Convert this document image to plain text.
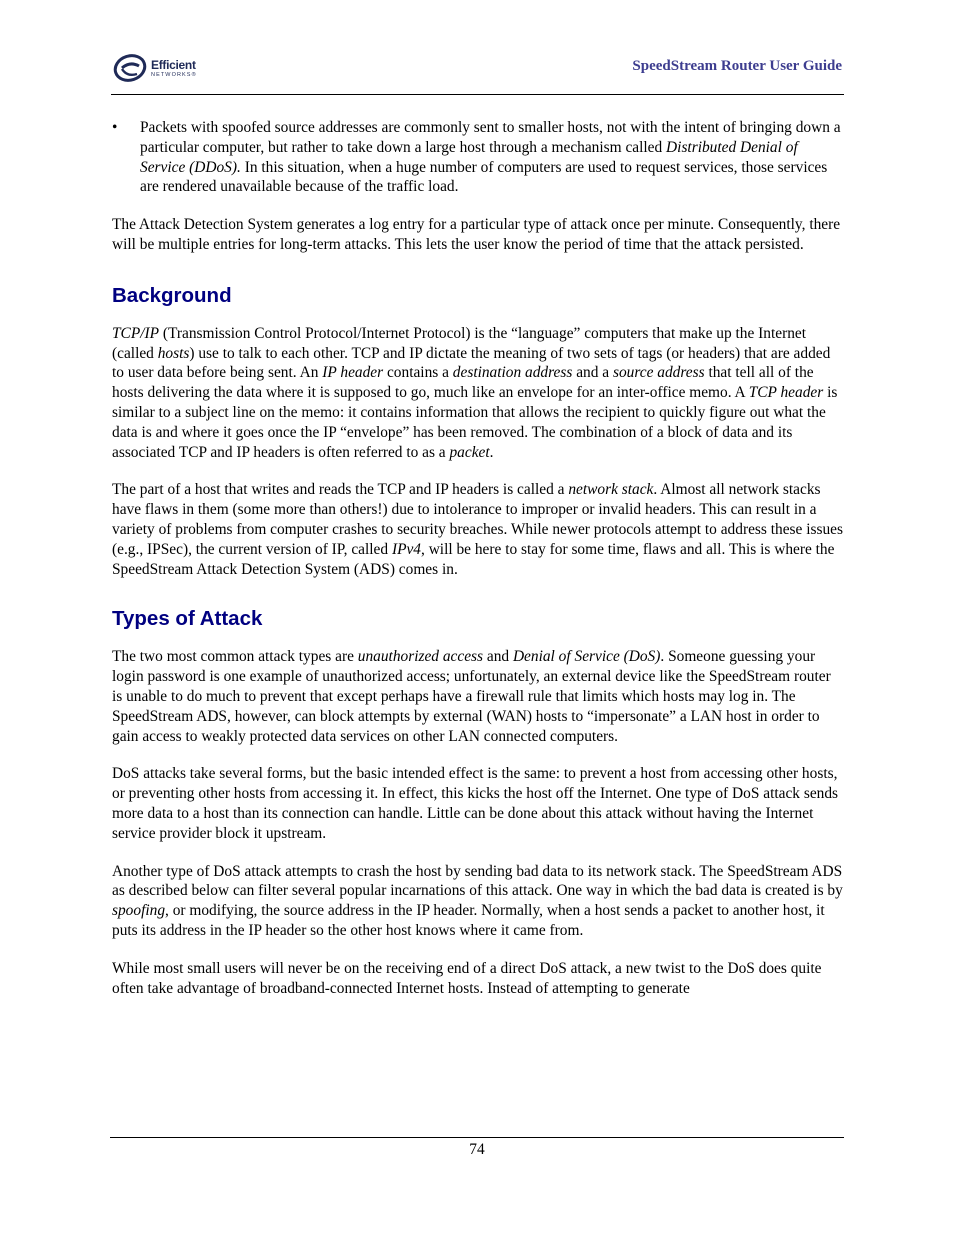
Efficient
NETWORKS®
SpeedStream Router User Guide
• Packets with spoofed source addresses are commonly sent to smaller hosts, not with the intent of bringing down a particular computer, but rather to take down a large host through a mechanism called Distributed Denial of Service (DDoS). In this situation, when a huge number of computers are used to request services, those services are rendered unavailable because of the traffic load.

The Attack Detection System generates a log entry for a particular type of attack once per minute. Consequently, there will be multiple entries for long-term attacks. This lets the user know the period of time that the attack persisted.

Background

TCP/IP (Transmission Control Protocol/Internet Protocol) is the “language” computers that make up the Internet (called hosts) use to talk to each other. TCP and IP dictate the meaning of two sets of tags (or headers) that are added to user data before being sent. An IP header contains a destination address and a source address that tell all of the hosts delivering the data where it is supposed to go, much like an envelope for an inter-office memo. A TCP header is similar to a subject line on the memo: it contains information that allows the recipient to quickly figure out what the data is and where it goes once the IP “envelope” has been removed. The combination of a block of data and its associated TCP and IP headers is often referred to as a packet.

The part of a host that writes and reads the TCP and IP headers is called a network stack. Almost all network stacks have flaws in them (some more than others!) due to intolerance to improper or invalid headers. This can result in a variety of problems from computer crashes to security breaches. While newer protocols attempt to address these issues (e.g., IPSec), the current version of IP, called IPv4, will be here to stay for some time, flaws and all. This is where the SpeedStream Attack Detection System (ADS) comes in.

Types of Attack

The two most common attack types are unauthorized access and Denial of Service (DoS). Someone guessing your login password is one example of unauthorized access; unfortunately, an external device like the SpeedStream router is unable to do much to prevent that except perhaps have a firewall rule that limits which hosts may log in. The SpeedStream ADS, however, can block attempts by external (WAN) hosts to “impersonate” a LAN host in order to gain access to weakly protected data services on other LAN connected computers.

DoS attacks take several forms, but the basic intended effect is the same: to prevent a host from accessing other hosts, or preventing other hosts from accessing it. In effect, this kicks the host off the Internet. One type of DoS attack sends more data to a host than its connection can handle. Little can be done about this attack without having the Internet service provider block it upstream.

Another type of DoS attack attempts to crash the host by sending bad data to its network stack. The SpeedStream ADS as described below can filter several popular incarnations of this attack. One way in which the bad data is created is by spoofing, or modifying, the source address in the IP header. Normally, when a host sends a packet to another host, it puts its address in the IP header so the other host knows where it came from.

While most small users will never be on the receiving end of a direct DoS attack, a new twist to the DoS does quite often take advantage of broadband-connected Internet hosts. Instead of attempting to generate

74
